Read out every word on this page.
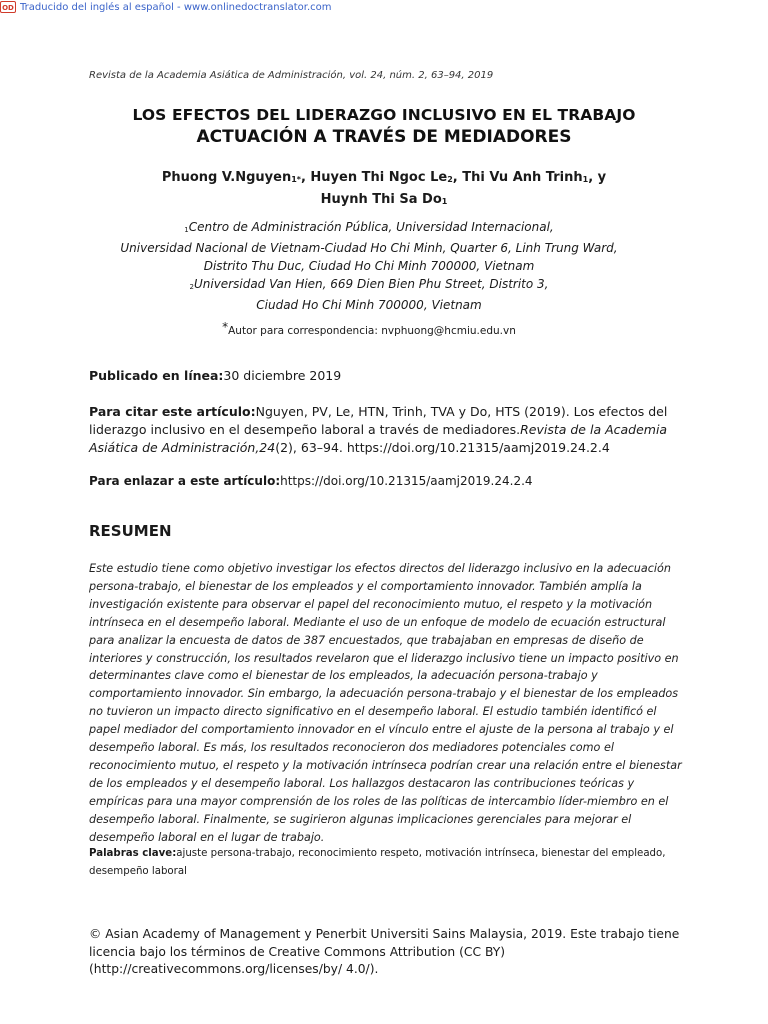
OD Traducido del inglés al español - www.onlinedoctranslator.com
Revista de la Academia Asiática de Administración, vol. 24, núm. 2, 63–94, 2019
LOS EFECTOS DEL LIDERAZGO INCLUSIVO EN EL TRABAJO
ACTUACIÓN A TRAVÉS DE MEDIADORES
Phuong V.Nguyen$_{1*}$, Huyen Thi Ngoc $Le_2$, Thi Vu Anh Trinh$_1$, y
Huynh Thi Sa $Do_1$
1Centro de Administración Pública, Universidad Internacional,
Universidad Nacional de Vietnam-Ciudad Ho Chi Minh, Quarter 6, Linh Trung Ward,
Distrito Thu Duc, Ciudad Ho Chi Minh 700000, Vietnam
2Universidad Van Hien, 669 Dien Bien Phu Street, Distrito 3,
Ciudad Ho Chi Minh 700000, Vietnam
*Autor para correspondencia: nvphuong@hcmiu.edu.vn
Publicado en línea:30 diciembre 2019
Para citar este artículo:Nguyen, PV, Le, HTN, Trinh, TVA y Do, HTS (2019). Los efectos del liderazgo inclusivo en el desempeño laboral a través de mediadores.Revista de la Academia Asiática de Administración,24(2), 63–94. https://doi.org/10.21315/aamj2019.24.2.4
Para enlazar a este artículo:https://doi.org/10.21315/aamj2019.24.2.4
RESUMEN
Este estudio tiene como objetivo investigar los efectos directos del liderazgo inclusivo en la adecuación persona-trabajo, el bienestar de los empleados y el comportamiento innovador. También amplía la investigación existente para observar el papel del reconocimiento mutuo, el respeto y la motivación intrínseca en el desempeño laboral. Mediante el uso de un enfoque de modelo de ecuación estructural para analizar la encuesta de datos de 387 encuestados, que trabajaban en empresas de diseño de interiores y construcción, los resultados revelaron que el liderazgo inclusivo tiene un impacto positivo en determinantes clave como el bienestar de los empleados, la adecuación persona-trabajo y comportamiento innovador. Sin embargo, la adecuación persona-trabajo y el bienestar de los empleados no tuvieron un impacto directo significativo en el desempeño laboral. El estudio también identificó el papel mediador del comportamiento innovador en el vínculo entre el ajuste de la persona al trabajo y el desempeño laboral. Es más, los resultados reconocieron dos mediadores potenciales como el reconocimiento mutuo, el respeto y la motivación intrínseca podrían crear una relación entre el bienestar de los empleados y el desempeño laboral. Los hallazgos destacaron las contribuciones teóricas y empíricas para una mayor comprensión de los roles de las políticas de intercambio líder-miembro en el desempeño laboral. Finalmente, se sugirieron algunas implicaciones gerenciales para mejorar el desempeño laboral en el lugar de trabajo.
Palabras clave:ajuste persona-trabajo, reconocimiento respeto, motivación intrínseca, bienestar del empleado, desempeño laboral
© Asian Academy of Management y Penerbit Universiti Sains Malaysia, 2019. Este trabajo tiene licencia bajo los términos de Creative Commons Attribution (CC BY) (http://creativecommons.org/licenses/by/ 4.0/).
